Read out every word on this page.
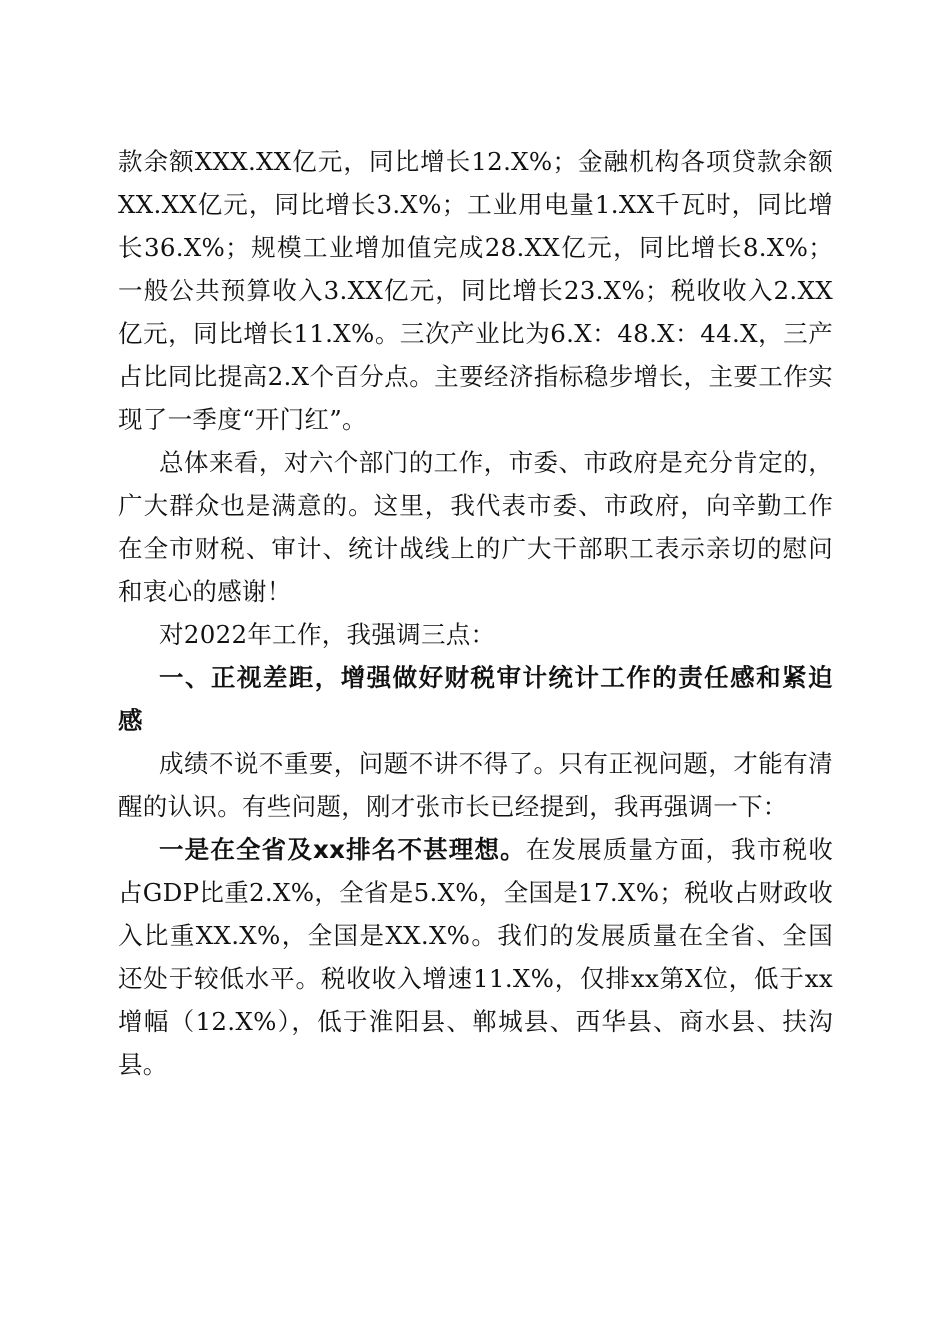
款余额XXX.XX亿元，同比增长12.X%；金融机构各项贷款余额XX.XX亿元，同比增长3.X%；工业用电量1.XX千瓦时，同比增长36.X%；规模工业增加值完成28.XX亿元，同比增长8.X%；一般公共预算收入3.XX亿元，同比增长23.X%；税收收入2.XX亿元，同比增长11.X%。三次产业比为6.X：48.X：44.X，三产占比同比提高2.X个百分点。主要经济指标稳步增长，主要工作实现了一季度“开门红”。

总体来看，对六个部门的工作，市委、市政府是充分肯定的，广大群众也是满意的。这里，我代表市委、市政府，向辛勤工作在全市财税、审计、统计战线上的广大干部职工表示亲切的慰问和衷心的感谢！

对2022年工作，我强调三点：

一、正视差距，增强做好财税审计统计工作的责任感和紧迫感

成绩不说不重要，问题不讲不得了。只有正视问题，才能有清醒的认识。有些问题，刚才张市长已经提到，我再强调一下：

一是在全省及xx排名不甚理想。在发展质量方面，我市税收占GDP比重2.X%，全省是5.X%，全国是17.X%；税收占财政收入比重XX.X%，全国是XX.X%。我们的发展质量在全省、全国还处于较低水平。税收收入增速11.X%，仅排xx第X位，低于xx增幅（12.X%），低于淮阳县、郸城县、西华县、商水县、扶沟县。
